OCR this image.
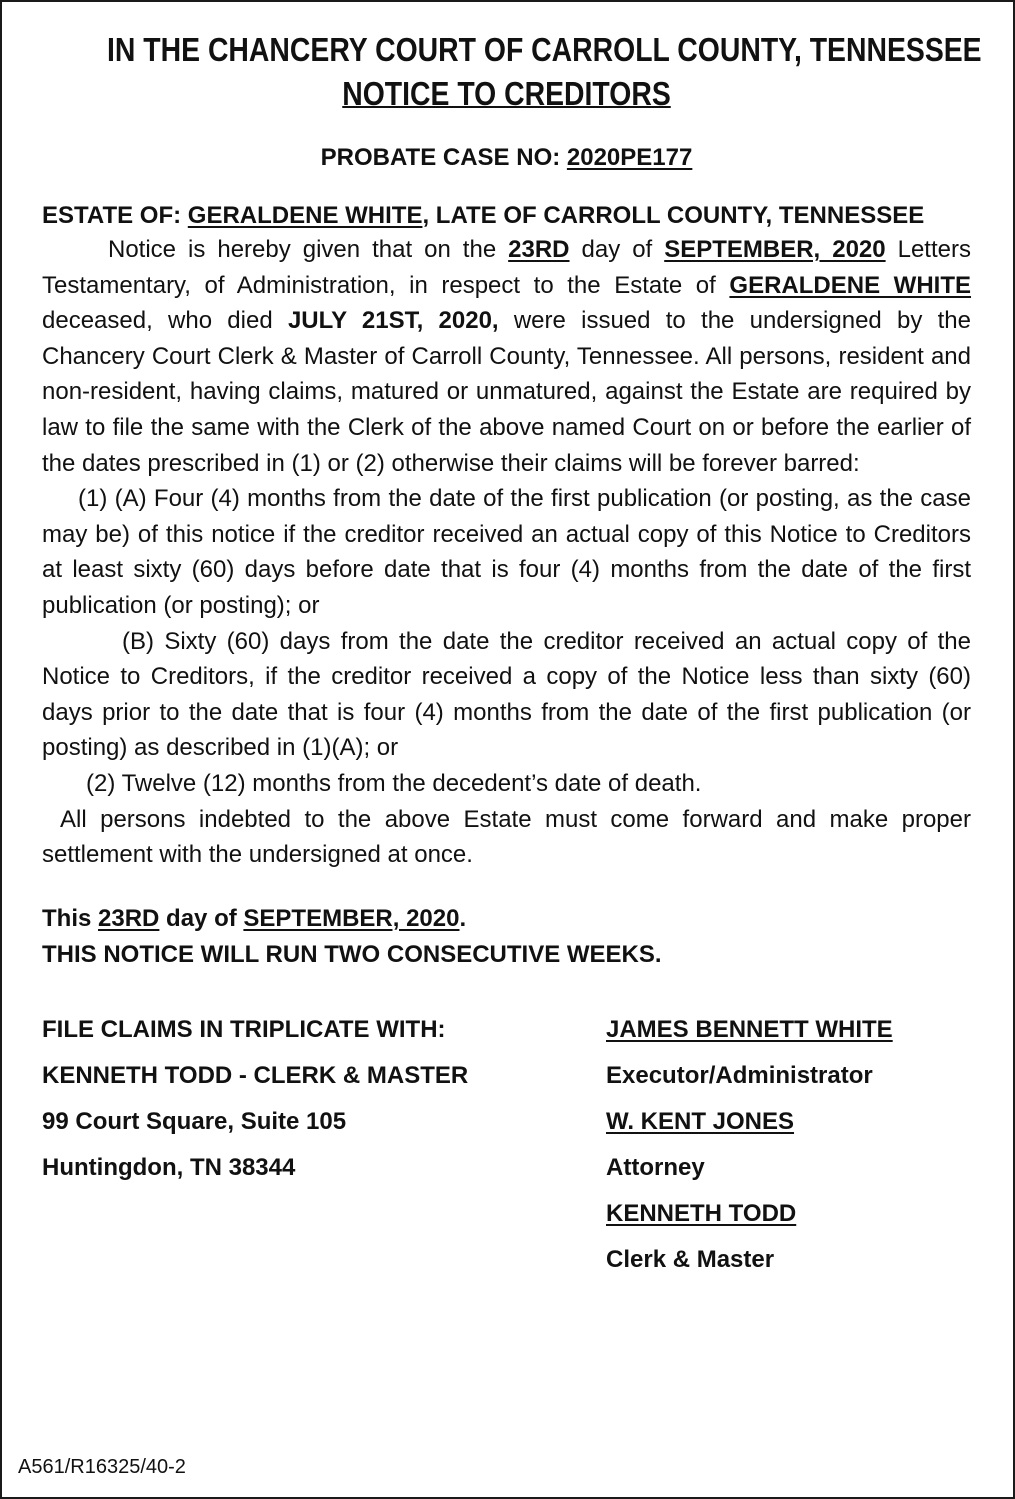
IN THE CHANCERY COURT OF CARROLL COUNTY, TENNESSEE
NOTICE TO CREDITORS
PROBATE CASE NO: 2020PE177
ESTATE OF: GERALDENE WHITE, LATE OF CARROLL COUNTY, TENNESSEE

Notice is hereby given that on the 23RD day of SEPTEMBER, 2020 Letters Testamentary, of Administration, in respect to the Estate of GERALDENE WHITE deceased, who died JULY 21ST, 2020, were issued to the undersigned by the Chancery Court Clerk & Master of Carroll County, Tennessee. All persons, resident and non-resident, having claims, matured or unmatured, against the Estate are required by law to file the same with the Clerk of the above named Court on or before the earlier of the dates prescribed in (1) or (2) otherwise their claims will be forever barred:

(1) (A) Four (4) months from the date of the first publication (or posting, as the case may be) of this notice if the creditor received an actual copy of this Notice to Creditors at least sixty (60) days before date that is four (4) months from the date of the first publication (or posting); or

(B) Sixty (60) days from the date the creditor received an actual copy of the Notice to Creditors, if the creditor received a copy of the Notice less than sixty (60) days prior to the date that is four (4) months from the date of the first publication (or posting) as described in (1)(A); or

(2) Twelve (12) months from the decedent’s date of death.

All persons indebted to the above Estate must come forward and make proper settlement with the undersigned at once.

This 23RD day of SEPTEMBER, 2020.
THIS NOTICE WILL RUN TWO CONSECUTIVE WEEKS.
FILE CLAIMS IN TRIPLICATE WITH:
KENNETH TODD - CLERK & MASTER
99 Court Square, Suite 105
Huntingdon, TN 38344
JAMES BENNETT WHITE
Executor/Administrator
W. KENT JONES
Attorney
KENNETH TODD
Clerk & Master
A561/R16325/40-2
